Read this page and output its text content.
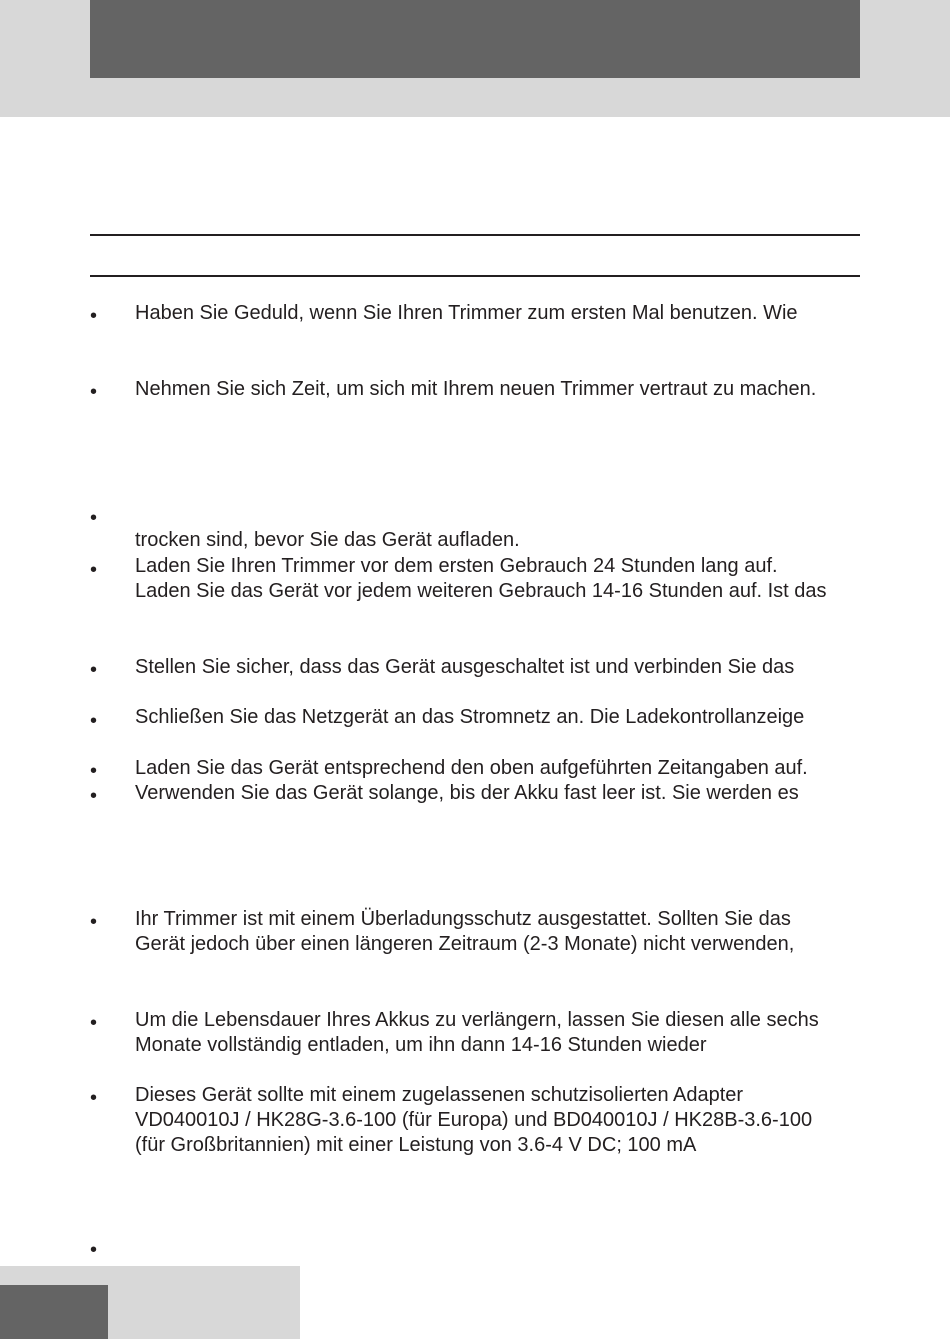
•
•
•
•
•
•
•
•
•
•
•
•
Haben Sie Geduld, wenn Sie Ihren Trimmer zum ersten Mal benutzen. Wie
Nehmen Sie sich Zeit, um sich mit Ihrem neuen Trimmer vertraut zu machen.
trocken sind, bevor Sie das Gerät aufladen.
Laden Sie Ihren Trimmer vor dem ersten Gebrauch 24 Stunden lang auf.
Laden Sie das Gerät vor jedem weiteren Gebrauch 14-16 Stunden auf. Ist das
Stellen Sie sicher, dass das Gerät ausgeschaltet ist und verbinden Sie das
Schließen Sie das Netzgerät an das Stromnetz an. Die Ladekontrollanzeige
Laden Sie das Gerät entsprechend den oben aufgeführten Zeitangaben auf.
Verwenden Sie das Gerät solange, bis der Akku fast leer ist. Sie werden es
Ihr Trimmer ist mit einem Überladungsschutz ausgestattet. Sollten Sie das
Gerät jedoch über einen längeren Zeitraum (2-3 Monate) nicht verwenden,
Um die Lebensdauer Ihres Akkus zu verlängern, lassen Sie diesen alle sechs
Monate vollständig entladen, um ihn dann 14-16 Stunden wieder
Dieses Gerät sollte mit einem zugelassenen schutzisolierten Adapter
VD040010J / HK28G-3.6-100 (für Europa) und BD040010J / HK28B-3.6-100
(für Großbritannien) mit einer Leistung von 3.6-4 V DC; 100 mA
